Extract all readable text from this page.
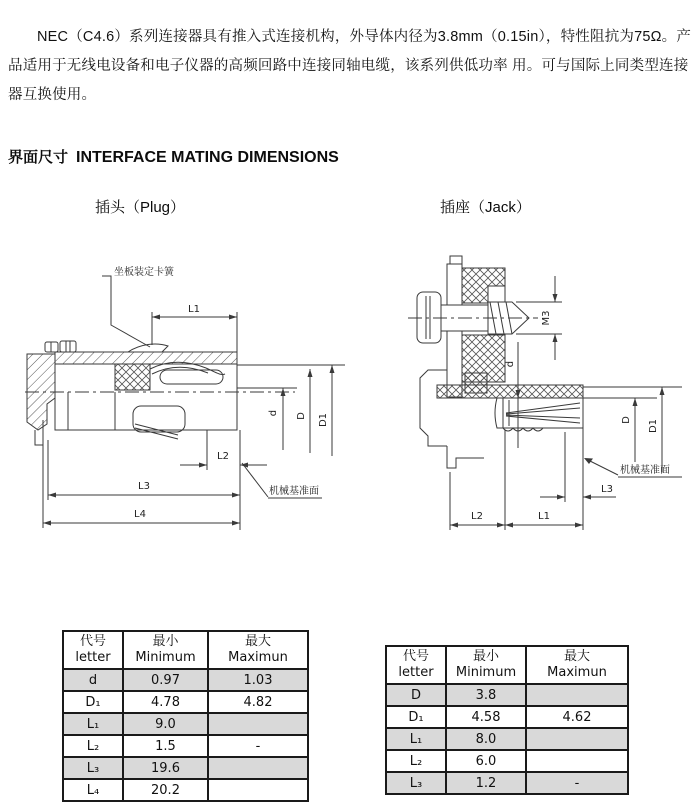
NEC（C4.6）系列连接器具有推入式连接机构，外导体内径为3.8mm（0.15in），特性阻抗为75Ω。产品适用于无线电设备和电子仪器的高频回路中连接同轴电缆，该系列供低功率 用。可与国际上同类型连接器互换使用。

界面尺寸 INTERFACE MATING DIMENSIONS
插头（Plug）	插座（Jack）
坐板装定卡簧
L1
L2
L3
L4
d D D1
机械基准面
M3
d
D D1
机械基准面
L3
L2	L1
代号
letter

最小
Minimum

最大
Maximun

d	0.97	1.03
D₁	4.78	4.82
L₁	9.0	
L₂	1.5	-
L₃	19.6	
L₄	20.2	
代号
letter

最小
Minimum

最大
Maximun

D	3.8	
D₁	4.58	4.62
L₁	8.0	
L₂	6.0	
L₃	1.2	-
